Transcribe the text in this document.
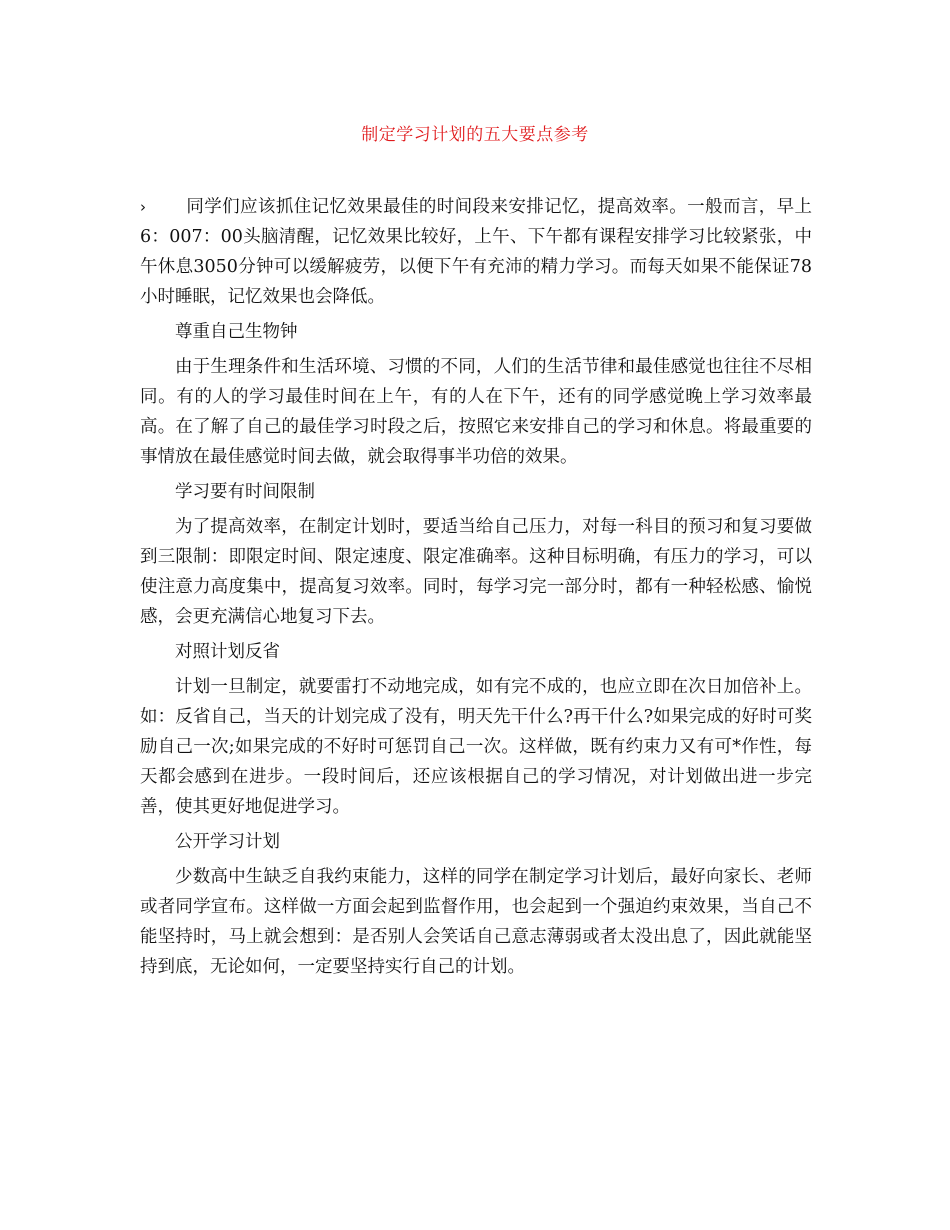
制定学习计划的五大要点参考

› 同学们应该抓住记忆效果最佳的时间段来安排记忆，提高效率。一般而言，早上6：007：00头脑清醒，记忆效果比较好，上午、下午都有课程安排学习比较紧张，中午休息3050分钟可以缓解疲劳，以便下午有充沛的精力学习。而每天如果不能保证78小时睡眠，记忆效果也会降低。

尊重自己生物钟

由于生理条件和生活环境、习惯的不同，人们的生活节律和最佳感觉也往往不尽相同。有的人的学习最佳时间在上午，有的人在下午，还有的同学感觉晚上学习效率最高。在了解了自己的最佳学习时段之后，按照它来安排自己的学习和休息。将最重要的事情放在最佳感觉时间去做，就会取得事半功倍的效果。

学习要有时间限制

为了提高效率，在制定计划时，要适当给自己压力，对每一科目的预习和复习要做到三限制：即限定时间、限定速度、限定准确率。这种目标明确，有压力的学习，可以使注意力高度集中，提高复习效率。同时，每学习完一部分时，都有一种轻松感、愉悦感，会更充满信心地复习下去。

对照计划反省

计划一旦制定，就要雷打不动地完成，如有完不成的，也应立即在次日加倍补上。如：反省自己，当天的计划完成了没有，明天先干什么?再干什么?如果完成的好时可奖励自己一次;如果完成的不好时可惩罚自己一次。这样做，既有约束力又有可*作性，每天都会感到在进步。一段时间后，还应该根据自己的学习情况，对计划做出进一步完善，使其更好地促进学习。

公开学习计划

少数高中生缺乏自我约束能力，这样的同学在制定学习计划后，最好向家长、老师或者同学宣布。这样做一方面会起到监督作用，也会起到一个强迫约束效果，当自己不能坚持时，马上就会想到：是否别人会笑话自己意志薄弱或者太没出息了，因此就能坚持到底，无论如何，一定要坚持实行自己的计划。
